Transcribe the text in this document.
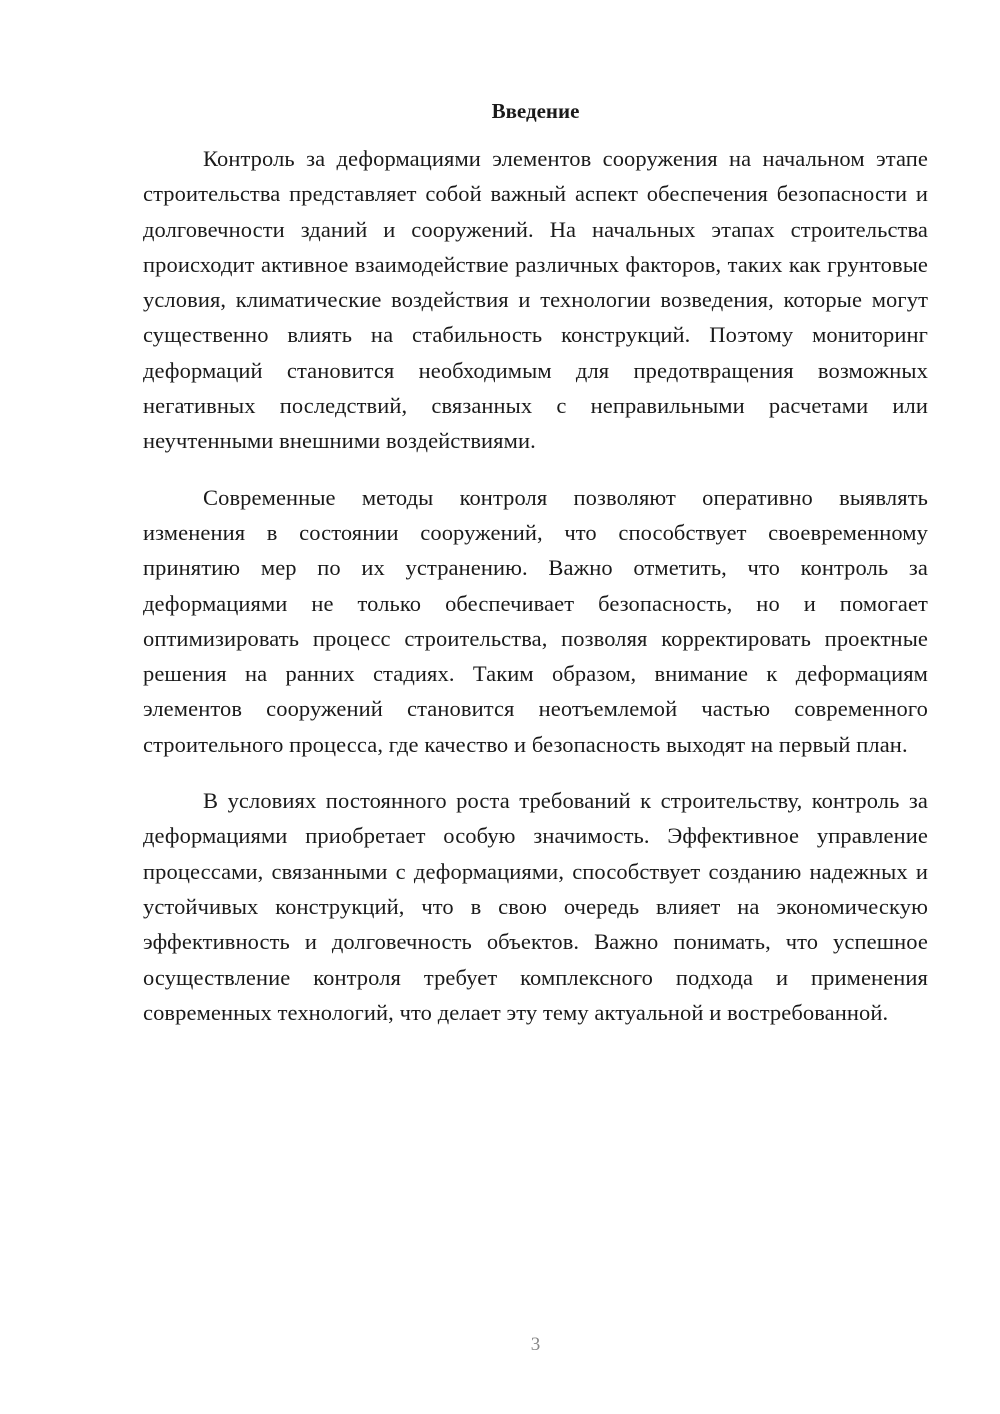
Введение

Контроль за деформациями элементов сооружения на начальном этапе строительства представляет собой важный аспект обеспечения безопасности и долговечности зданий и сооружений. На начальных этапах строительства происходит активное взаимодействие различных факторов, таких как грунтовые условия, климатические воздействия и технологии возведения, которые могут существенно влиять на стабильность конструкций. Поэтому мониторинг деформаций становится необходимым для предотвращения возможных негативных последствий, связанных с неправильными расчетами или неучтенными внешними воздействиями.

Современные методы контроля позволяют оперативно выявлять изменения в состоянии сооружений, что способствует своевременному принятию мер по их устранению. Важно отметить, что контроль за деформациями не только обеспечивает безопасность, но и помогает оптимизировать процесс строительства, позволяя корректировать проектные решения на ранних стадиях. Таким образом, внимание к деформациям элементов сооружений становится неотъемлемой частью современного строительного процесса, где качество и безопасность выходят на первый план.

В условиях постоянного роста требований к строительству, контроль за деформациями приобретает особую значимость. Эффективное управление процессами, связанными с деформациями, способствует созданию надежных и устойчивых конструкций, что в свою очередь влияет на экономическую эффективность и долговечность объектов. Важно понимать, что успешное осуществление контроля требует комплексного подхода и применения современных технологий, что делает эту тему актуальной и востребованной.

3
